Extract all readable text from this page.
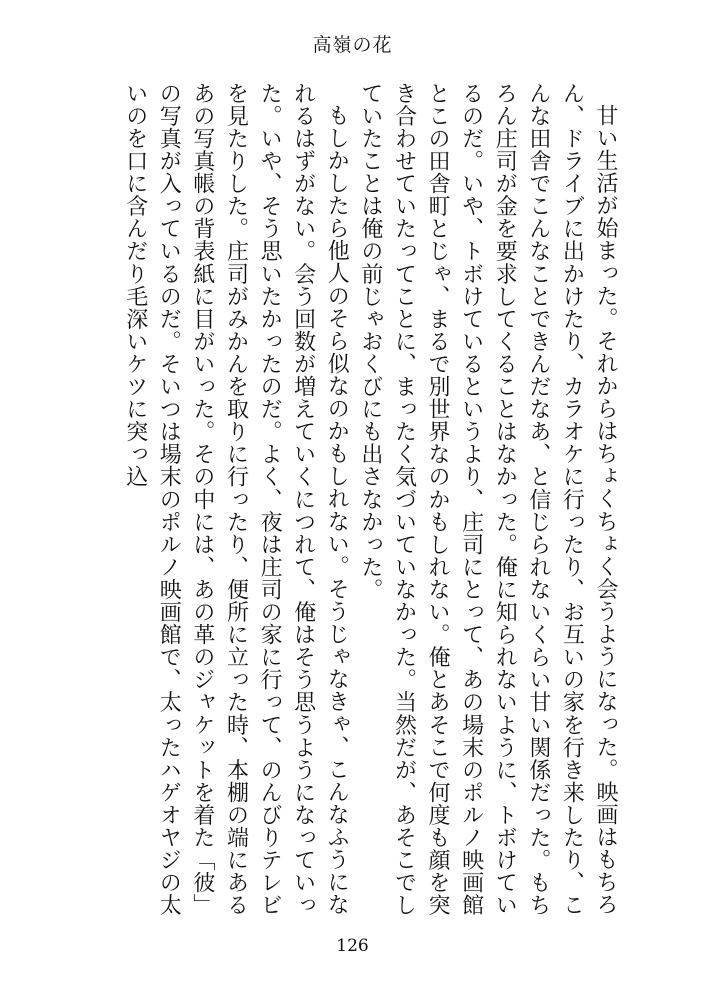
高嶺の花

甘い生活が始まった。それからはちょくちょく会うようになった。映画はもちろん、ドライブに出かけたり、カラオケに行ったり、お互いの家を行き来したり、こんな田舎でこんなことできんだなあ、と信じられないくらい甘い関係だった。もちろん庄司が金を要求してくることはなかった。俺に知られないように、トボけているのだ。いや、トボけているというより、庄司にとって、あの場末のポルノ映画館とこの田舎町とじゃ、まるで別世界なのかもしれない。俺とあそこで何度も顔を突き合わせていたってことに、まったく気づいていなかった。当然だが、あそこでしていたことは俺の前じゃおくびにも出さなかった。

もしかしたら他人のそら似なのかもしれない。そうじゃなきゃ、こんなふうになれるはずがない。会う回数が増えていくにつれて、俺はそう思うようになっていった。いや、そう思いたかったのだ。よく、夜は庄司の家に行って、のんびりテレビを見たりした。庄司がみかんを取りに行ったり、便所に立った時、本棚の端にあるあの写真帳の背表紙に目がいった。その中には、あの革のジャケットを着た「彼」の写真が入っているのだ。そいつは場末のポルノ映画館で、太ったハゲオヤジの太いのを口に含んだり毛深いケツに突っ込

126
